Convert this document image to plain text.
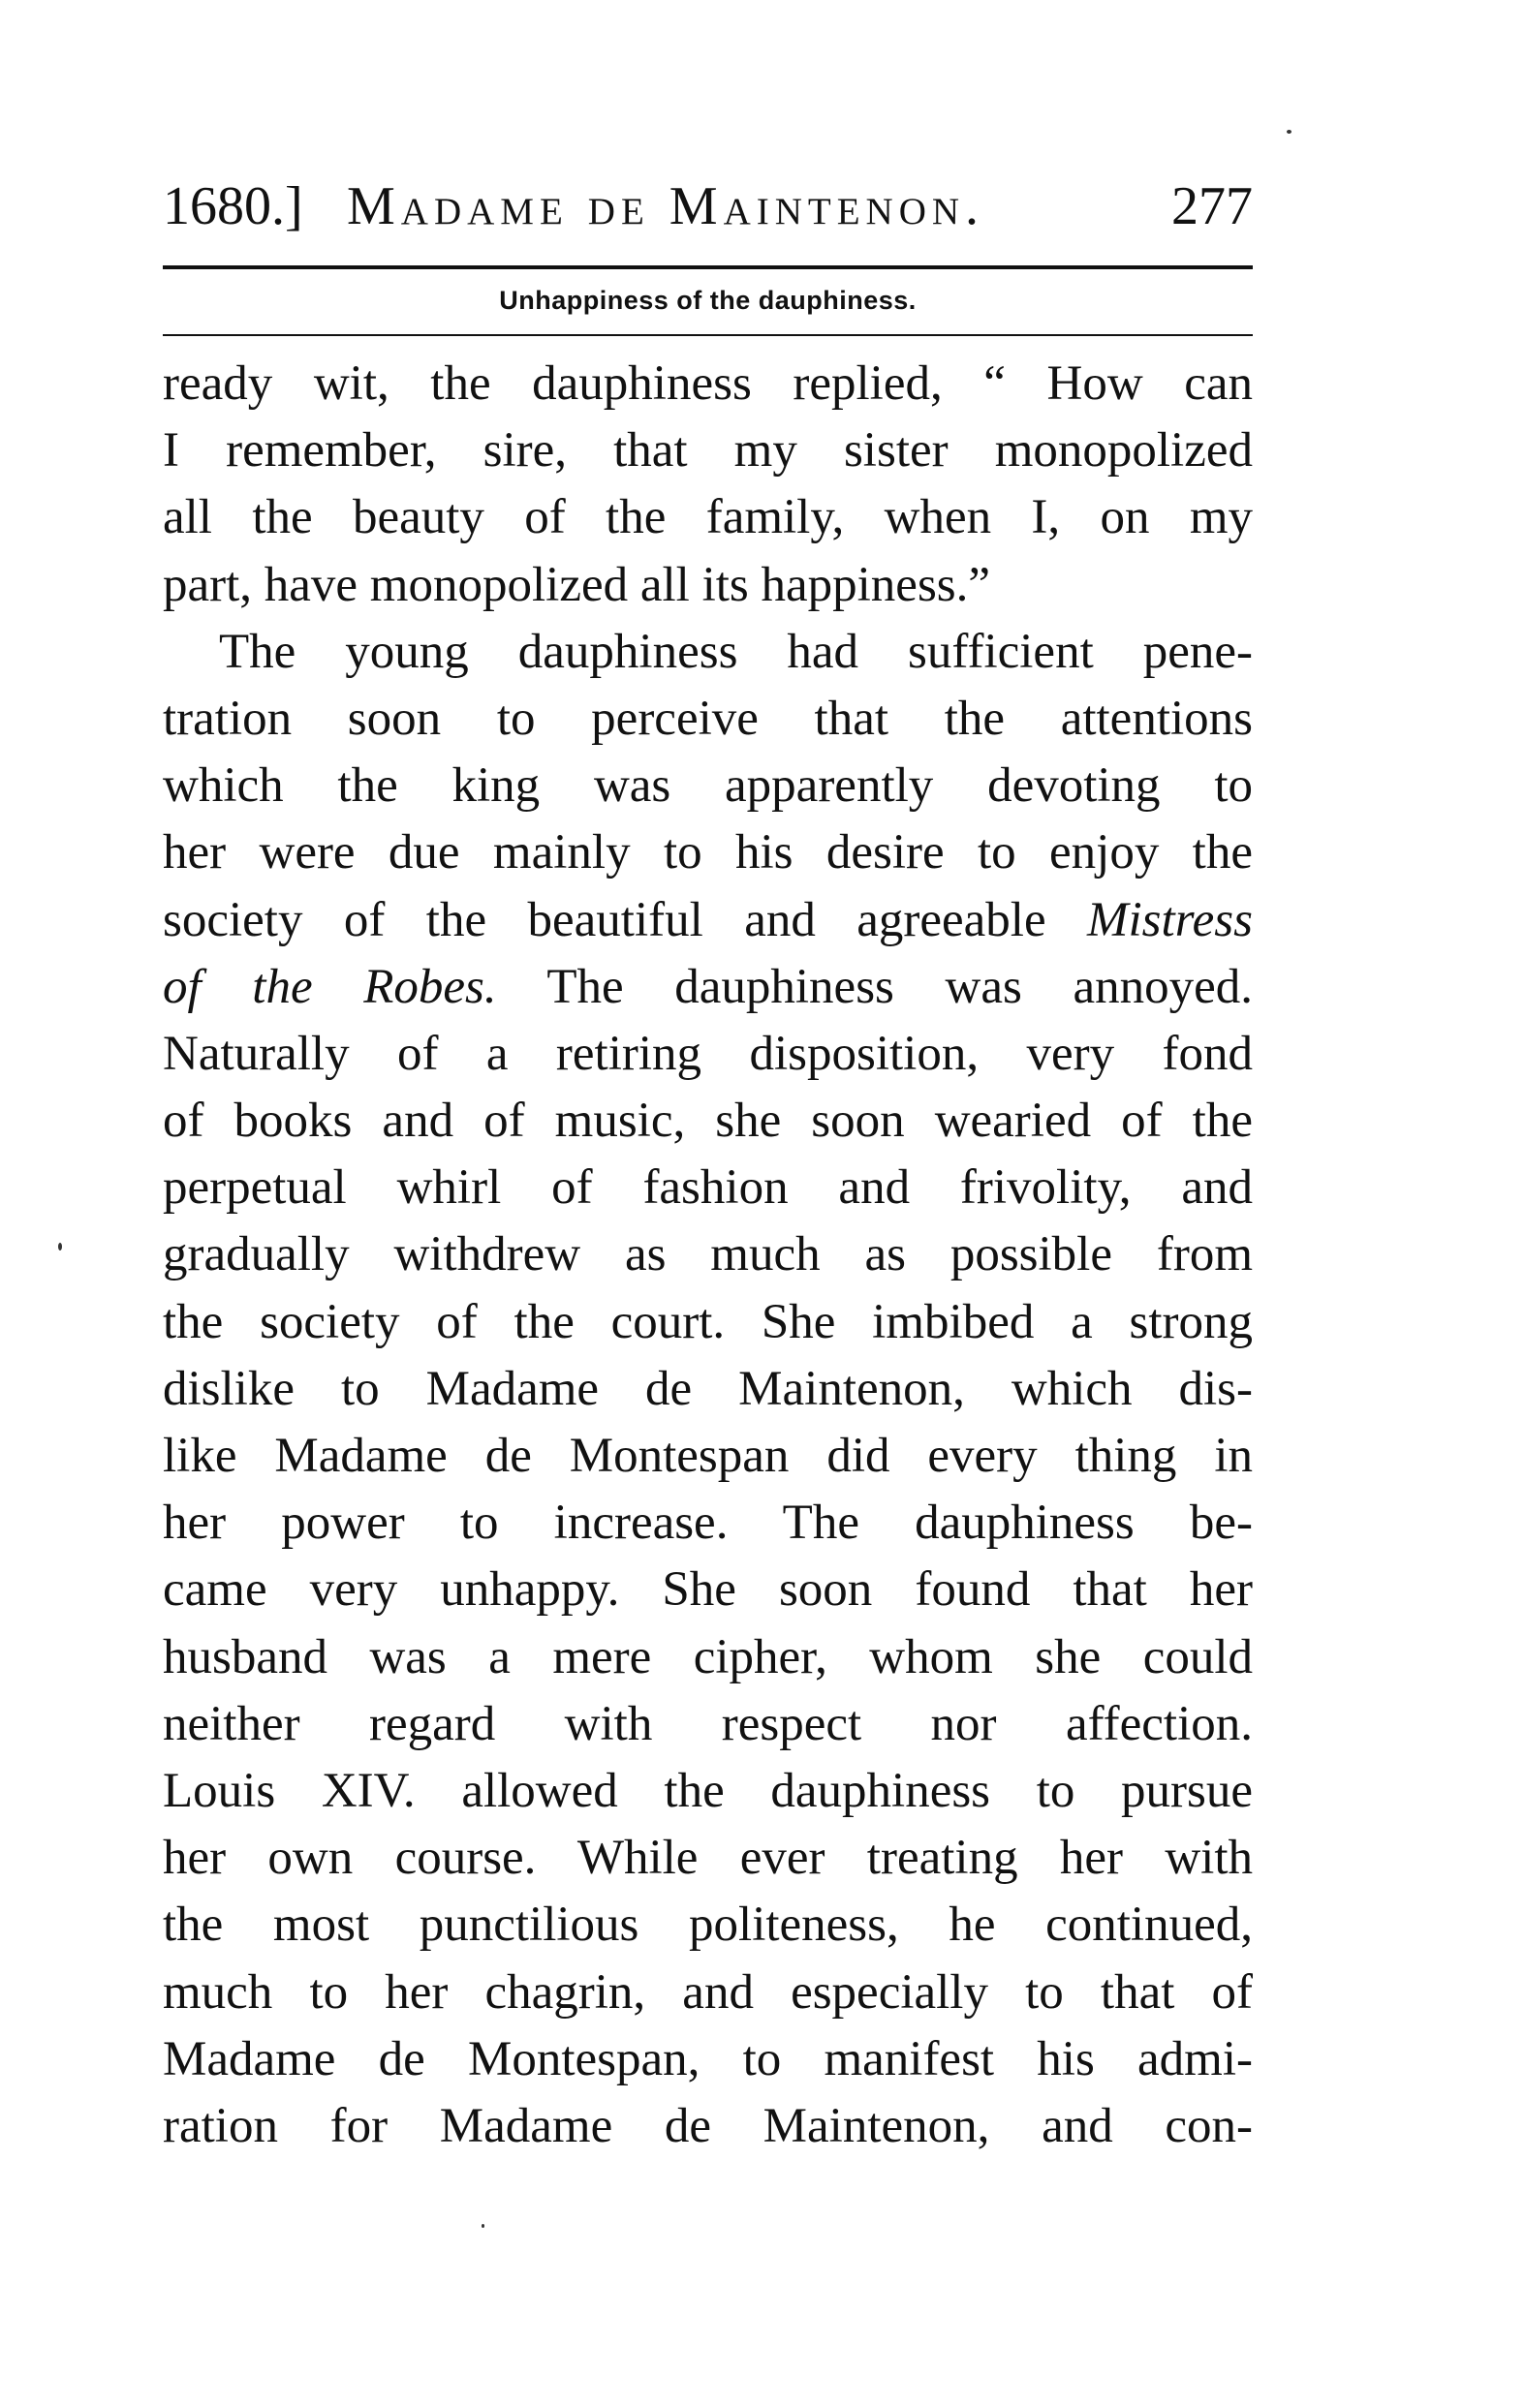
1680.] Madame de Maintenon.	277
Unhappiness of the dauphiness.
ready wit, the dauphiness replied, “ How can
I remember, sire, that my sister monopolized
all the beauty of the family, when I, on my
part, have monopolized all its happiness.”
The young dauphiness had sufficient pene-
tration soon to perceive that the attentions
which the king was apparently devoting to
her were due mainly to his desire to enjoy the
society of the beautiful and agreeable Mistress
of the Robes. The dauphiness was annoyed.
Naturally of a retiring disposition, very fond
of books and of music, she soon wearied of the
perpetual whirl of fashion and frivolity, and
gradually withdrew as much as possible from
the society of the court. She imbibed a strong
dislike to Madame de Maintenon, which dis-
like Madame de Montespan did every thing in
her power to increase. The dauphiness be-
came very unhappy. She soon found that her
husband was a mere cipher, whom she could
neither regard with respect nor affection.
Louis XIV. allowed the dauphiness to pursue
her own course. While ever treating her with
the most punctilious politeness, he continued,
much to her chagrin, and especially to that of
Madame de Montespan, to manifest his admi-
ration for Madame de Maintenon, and con-
